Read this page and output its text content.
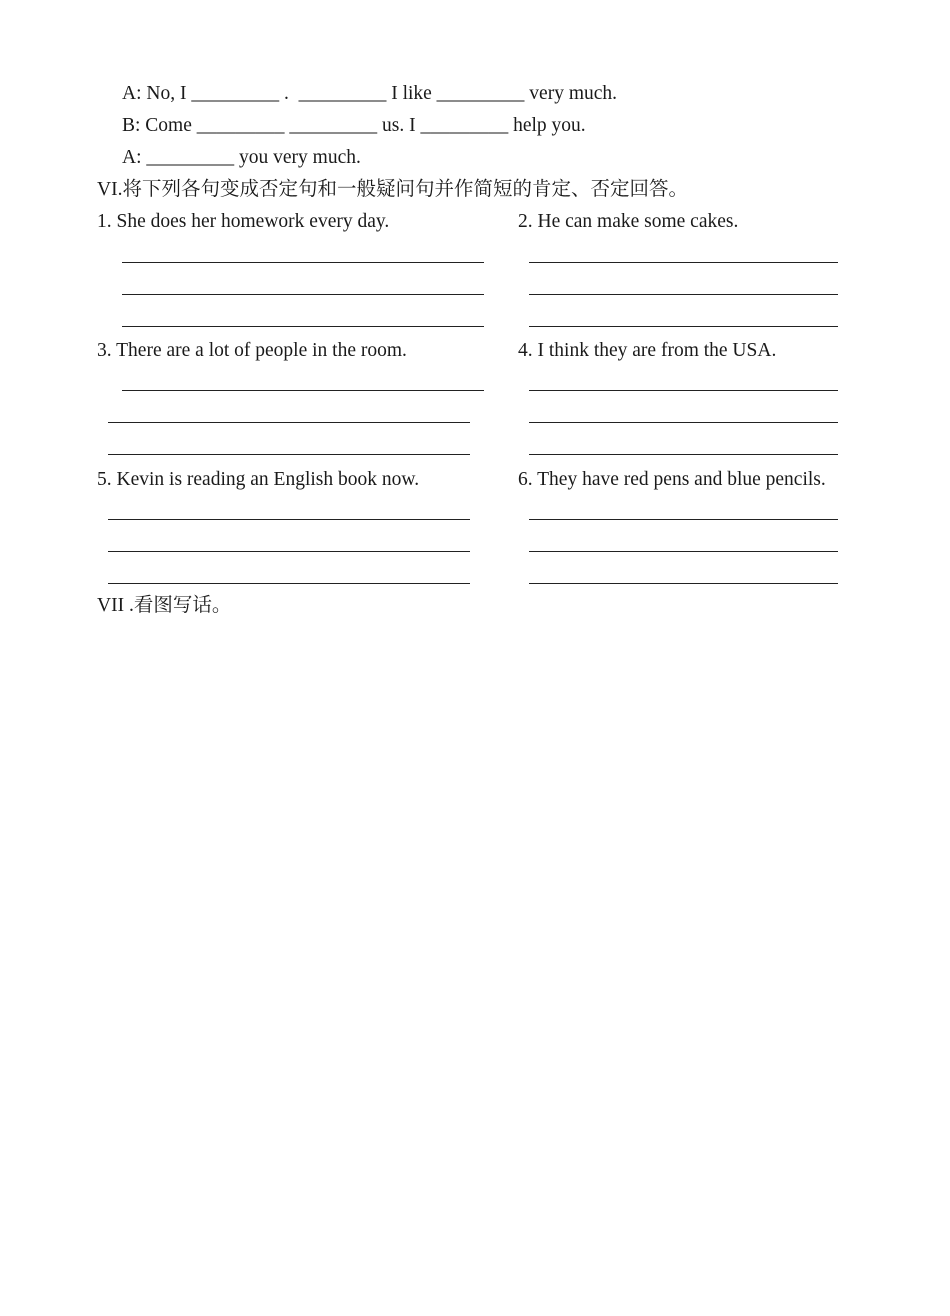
A: No, I _________ .  _________ I like _________ very much.
B: Come _________ _________ us. I _________ help you.
A: _________ you very much.
VI.将下列各句变成否定句和一般疑问句并作简短的肯定、否定回答。
1. She does her homework every day.	2. He can make some cakes.
3. There are a lot of people in the room.	4. I think they are from the USA.
5. Kevin is reading an English book now.	6. They have red pens and blue pencils.
VII .看图写话。
